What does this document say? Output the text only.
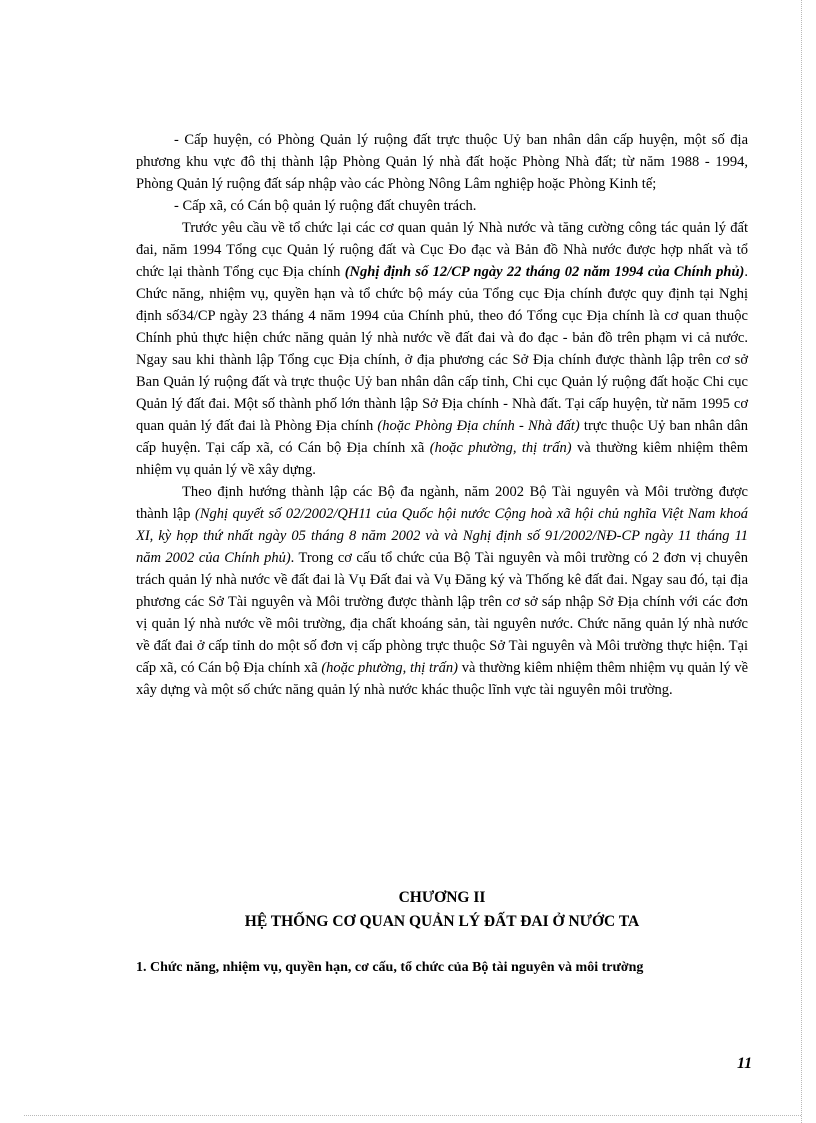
- Cấp huyện, có Phòng Quản lý ruộng đất trực thuộc Uỷ ban nhân dân cấp huyện, một số địa phương khu vực đô thị thành lập Phòng Quản lý nhà đất hoặc Phòng Nhà đất; từ năm 1988 - 1994, Phòng Quản lý ruộng đất sáp nhập vào các Phòng Nông Lâm nghiệp hoặc Phòng Kinh tế;

- Cấp xã, có Cán bộ quản lý ruộng đất chuyên trách.

Trước yêu cầu về tổ chức lại các cơ quan quản lý Nhà nước và tăng cường công tác quản lý đất đai, năm 1994 Tổng cục Quản lý ruộng đất và Cục Đo đạc và Bản đồ Nhà nước được hợp nhất và tổ chức lại thành Tổng cục Địa chính (Nghị định số 12/CP ngày 22 tháng 02 năm 1994 của Chính phủ). Chức năng, nhiệm vụ, quyền hạn và tổ chức bộ máy của Tổng cục Địa chính được quy định tại Nghị định số34/CP ngày 23 tháng 4 năm 1994 của Chính phủ, theo đó Tổng cục Địa chính là cơ quan thuộc Chính phủ thực hiện chức năng quản lý nhà nước về đất đai và đo đạc - bản đồ trên phạm vi cả nước. Ngay sau khi thành lập Tổng cục Địa chính, ở địa phương các Sở Địa chính được thành lập trên cơ sở Ban Quản lý ruộng đất và trực thuộc Uỷ ban nhân dân cấp tỉnh, Chi cục Quản lý ruộng đất hoặc Chi cục Quản lý đất đai. Một số thành phố lớn thành lập Sở Địa chính - Nhà đất. Tại cấp huyện, từ năm 1995 cơ quan quản lý đất đai là Phòng Địa chính (hoặc Phòng Địa chính - Nhà đất) trực thuộc Uỷ ban nhân dân cấp huyện. Tại cấp xã, có Cán bộ Địa chính xã (hoặc phường, thị trấn) và thường kiêm nhiệm thêm nhiệm vụ quản lý về xây dựng.

Theo định hướng thành lập các Bộ đa ngành, năm 2002 Bộ Tài nguyên và Môi trường được thành lập (Nghị quyết số 02/2002/QH11 của Quốc hội nước Cộng hoà xã hội chủ nghĩa Việt Nam khoá XI, kỳ họp thứ nhất ngày 05 tháng 8 năm 2002 và và Nghị định số 91/2002/NĐ-CP ngày 11 tháng 11 năm 2002 của Chính phủ). Trong cơ cấu tổ chức của Bộ Tài nguyên và môi trường có 2 đơn vị chuyên trách quản lý nhà nước về đất đai là Vụ Đất đai và Vụ Đăng ký và Thống kê đất đai. Ngay sau đó, tại địa phương các Sở Tài nguyên và Môi trường được thành lập trên cơ sở sáp nhập Sở Địa chính với các đơn vị quản lý nhà nước về môi trường, địa chất khoáng sản, tài nguyên nước. Chức năng quản lý nhà nước về đất đai ở cấp tỉnh do một số đơn vị cấp phòng trực thuộc Sở Tài nguyên và Môi trường thực hiện. Tại cấp xã, có Cán bộ Địa chính xã (hoặc phường, thị trấn) và thường kiêm nhiệm thêm nhiệm vụ quản lý về xây dựng và một số chức năng quản lý nhà nước khác thuộc lĩnh vực tài nguyên môi trường.

CHƯƠNG II
HỆ THỐNG CƠ QUAN QUẢN LÝ ĐẤT ĐAI Ở NƯỚC TA
1. Chức năng, nhiệm vụ, quyền hạn, cơ cấu, tổ chức của Bộ tài nguyên và môi trường
11
